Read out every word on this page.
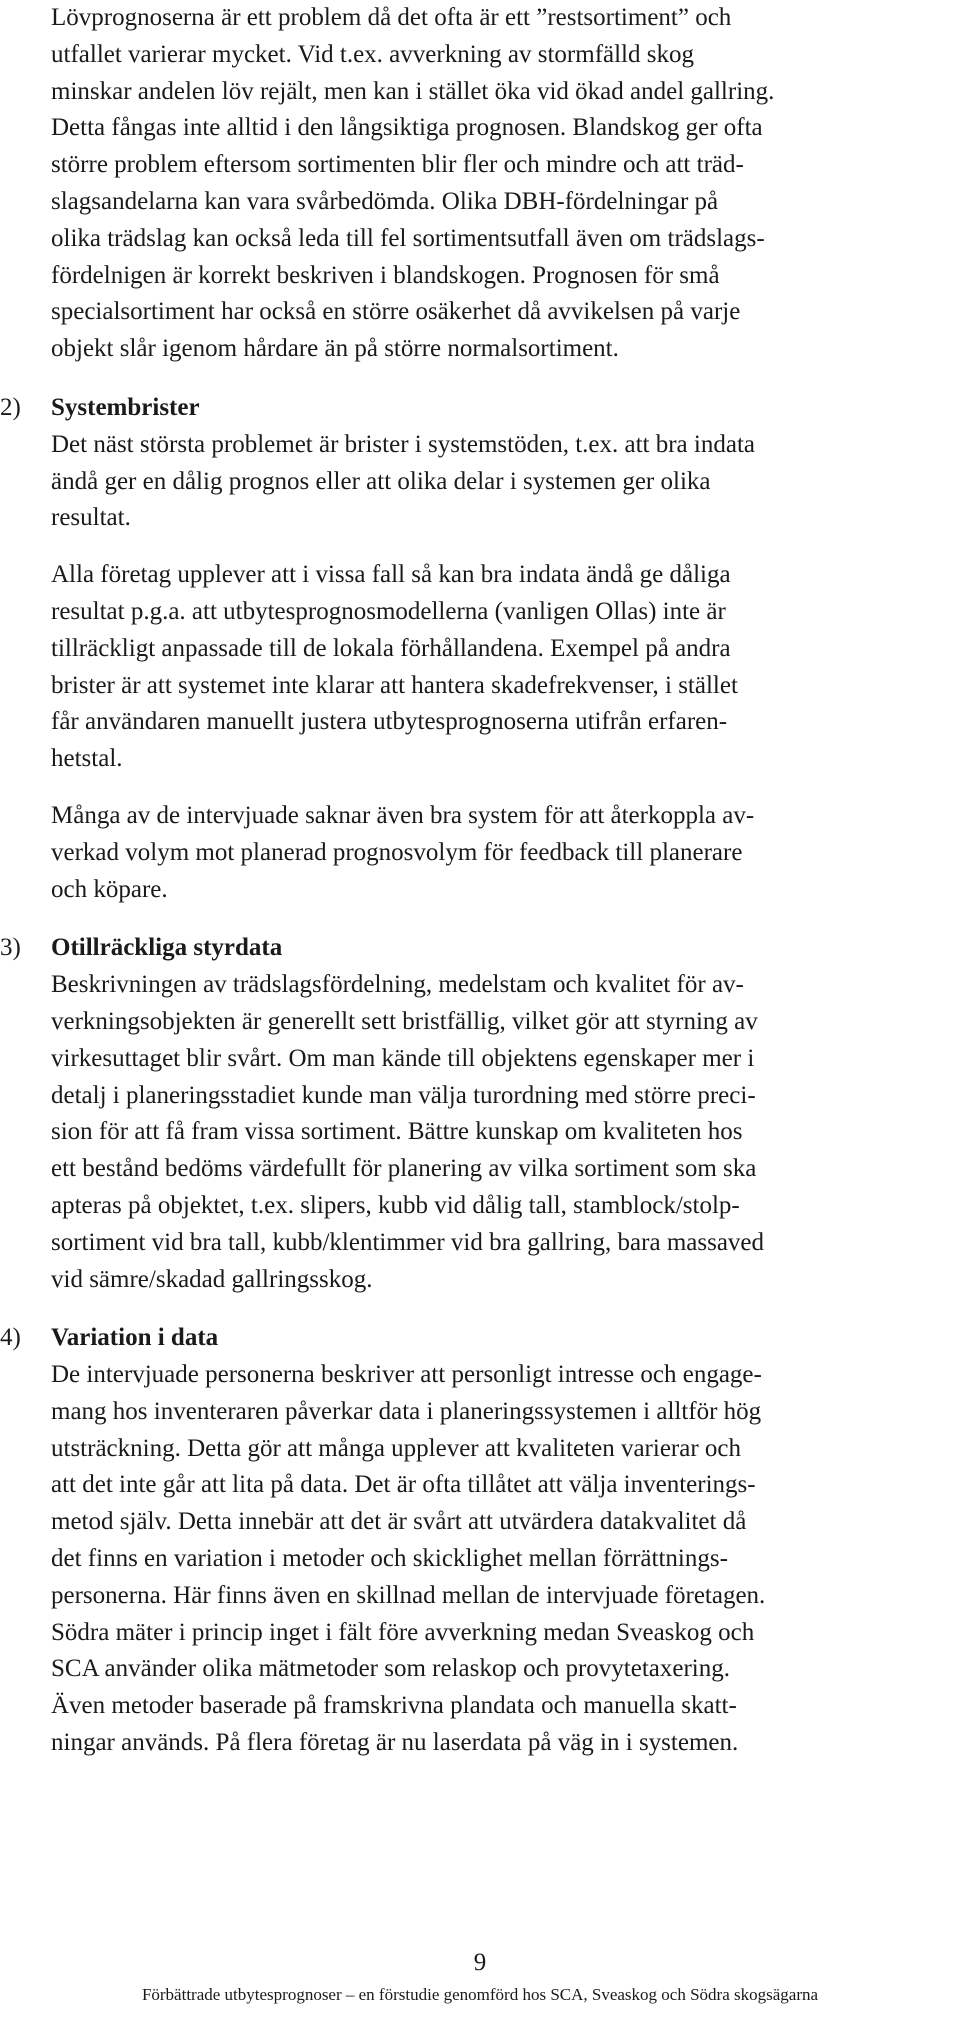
Lövprognoserna är ett problem då det ofta är ett ”restsortiment” och
utfallet varierar mycket. Vid t.ex. avverkning av stormfälld skog
minskar andelen löv rejält, men kan i stället öka vid ökad andel gallring.
Detta fångas inte alltid i den långsiktiga prognosen. Blandskog ger ofta
större problem eftersom sortimenten blir fler och mindre och att träd-
slagsandelarna kan vara svårbedömda. Olika DBH-fördelningar på
olika trädslag kan också leda till fel sortimentsutfall även om trädslags-
fördelnigen är korrekt beskriven i blandskogen. Prognosen för små
specialsortiment har också en större osäkerhet då avvikelsen på varje
objekt slår igenom hårdare än på större normalsortiment.

2)	Systembrister

Det näst största problemet är brister i systemstöden, t.ex. att bra indata
ändå ger en dålig prognos eller att olika delar i systemen ger olika
resultat.

Alla företag upplever att i vissa fall så kan bra indata ändå ge dåliga
resultat p.g.a. att utbytesprognosmodellerna (vanligen Ollas) inte är
tillräckligt anpassade till de lokala förhållandena. Exempel på andra
brister är att systemet inte klarar att hantera skadefrekvenser, i stället
får användaren manuellt justera utbytesprognoserna utifrån erfaren-
hetstal.

Många av de intervjuade saknar även bra system för att återkoppla av-
verkad volym mot planerad prognosvolym för feedback till planerare
och köpare.

3)	Otillräckliga styrdata

Beskrivningen av trädslagsfördelning, medelstam och kvalitet för av-
verkningsobjekten är generellt sett bristfällig, vilket gör att styrning av
virkesuttaget blir svårt. Om man kände till objektens egenskaper mer i
detalj i planeringsstadiet kunde man välja turordning med större preci-
sion för att få fram vissa sortiment. Bättre kunskap om kvaliteten hos
ett bestånd bedöms värdefullt för planering av vilka sortiment som ska
apteras på objektet, t.ex. slipers, kubb vid dålig tall, stamblock/stolp-
sortiment vid bra tall, kubb/klentimmer vid bra gallring, bara massaved
vid sämre/skadad gallringsskog.

4)	Variation i data

De intervjuade personerna beskriver att personligt intresse och engage-
mang hos inventeraren påverkar data i planeringssystemen i alltför hög
utsträckning. Detta gör att många upplever att kvaliteten varierar och
att det inte går att lita på data. Det är ofta tillåtet att välja inventerings-
metod själv. Detta innebär att det är svårt att utvärdera datakvalitet då
det finns en variation i metoder och skicklighet mellan förrättnings-
personerna. Här finns även en skillnad mellan de intervjuade företagen.
Södra mäter i princip inget i fält före avverkning medan Sveaskog och
SCA använder olika mätmetoder som relaskop och provytetaxering.
Även metoder baserade på framskrivna plandata och manuella skatt-
ningar används. På flera företag är nu laserdata på väg in i systemen.

9
Förbättrade utbytesprognoser – en förstudie genomförd hos SCA, Sveaskog och Södra skogsägarna
